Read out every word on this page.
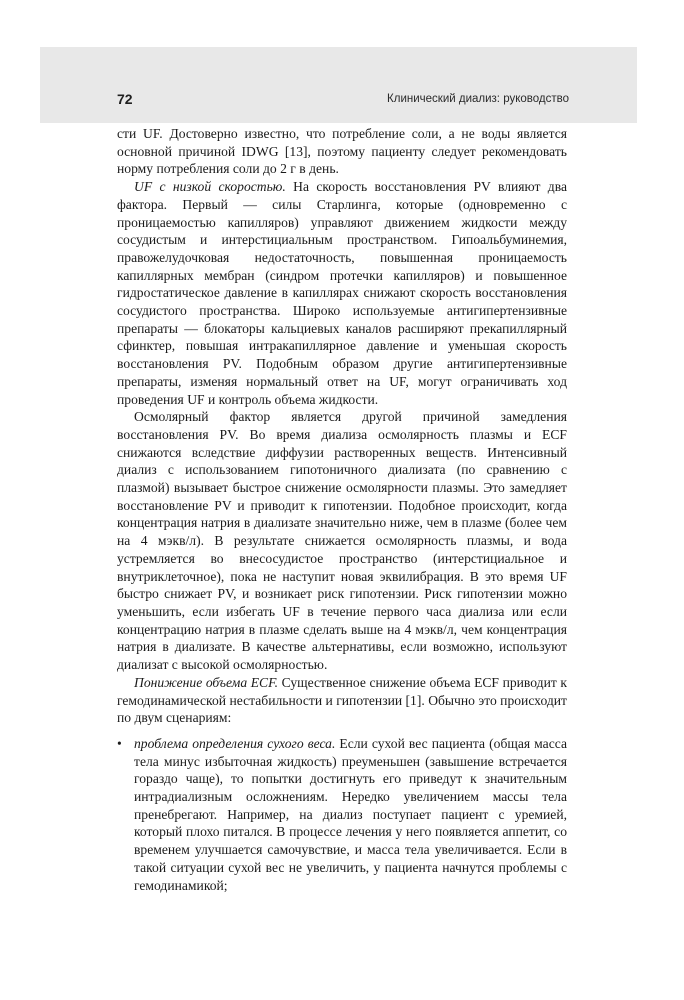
72	Клинический диализ: руководство

сти UF. Достоверно известно, что потребление соли, а не воды является основной причиной IDWG [13], поэтому пациенту следует рекомендовать норму потребления соли до 2 г в день.

UF с низкой скоростью. На скорость восстановления PV влияют два фактора. Первый — силы Старлинга, которые (одновременно с проницаемостью капилляров) управляют движением жидкости между сосудистым и интерстициальным пространством. Гипоальбуминемия, правожелудочковая недостаточность, повышенная проницаемость капиллярных мембран (синдром протечки капилляров) и повышенное гидростатическое давление в капиллярах снижают скорость восстановления сосудистого пространства. Широко используемые антигипертензивные препараты — блокаторы кальциевых каналов расширяют прекапиллярный сфинктер, повышая интракапиллярное давление и уменьшая скорость восстановления PV. Подобным образом другие антигипертензивные препараты, изменяя нормальный ответ на UF, могут ограничивать ход проведения UF и контроль объема жидкости.

Осмолярный фактор является другой причиной замедления восстановления PV. Во время диализа осмолярность плазмы и ECF снижаются вследствие диффузии растворенных веществ. Интенсивный диализ с использованием гипотоничного диализата (по сравнению с плазмой) вызывает быстрое снижение осмолярности плазмы. Это замедляет восстановление PV и приводит к гипотензии. Подобное происходит, когда концентрация натрия в диализате значительно ниже, чем в плазме (более чем на 4 мэкв/л). В результате снижается осмолярность плазмы, и вода устремляется во внесосудистое пространство (интерстициальное и внутриклеточное), пока не наступит новая эквилибрация. В это время UF быстро снижает PV, и возникает риск гипотензии. Риск гипотензии можно уменьшить, если избегать UF в течение первого часа диализа или если концентрацию натрия в плазме сделать выше на 4 мэкв/л, чем концентрация натрия в диализате. В качестве альтернативы, если возможно, используют диализат с высокой осмолярностью.

Понижение объема ECF. Существенное снижение объема ECF приводит к гемодинамической нестабильности и гипотензии [1]. Обычно это происходит по двум сценариям:

• проблема определения сухого веса. Если сухой вес пациента (общая масса тела минус избыточная жидкость) преуменьшен (завышение встречается гораздо чаще), то попытки достигнуть его приведут к значительным интрадиализным осложнениям. Нередко увеличением массы тела пренебрегают. Например, на диализ поступает пациент с уремией, который плохо питался. В процессе лечения у него появляется аппетит, со временем улучшается самочувствие, и масса тела увеличивается. Если в такой ситуации сухой вес не увеличить, у пациента начнутся проблемы с гемодинамикой;
